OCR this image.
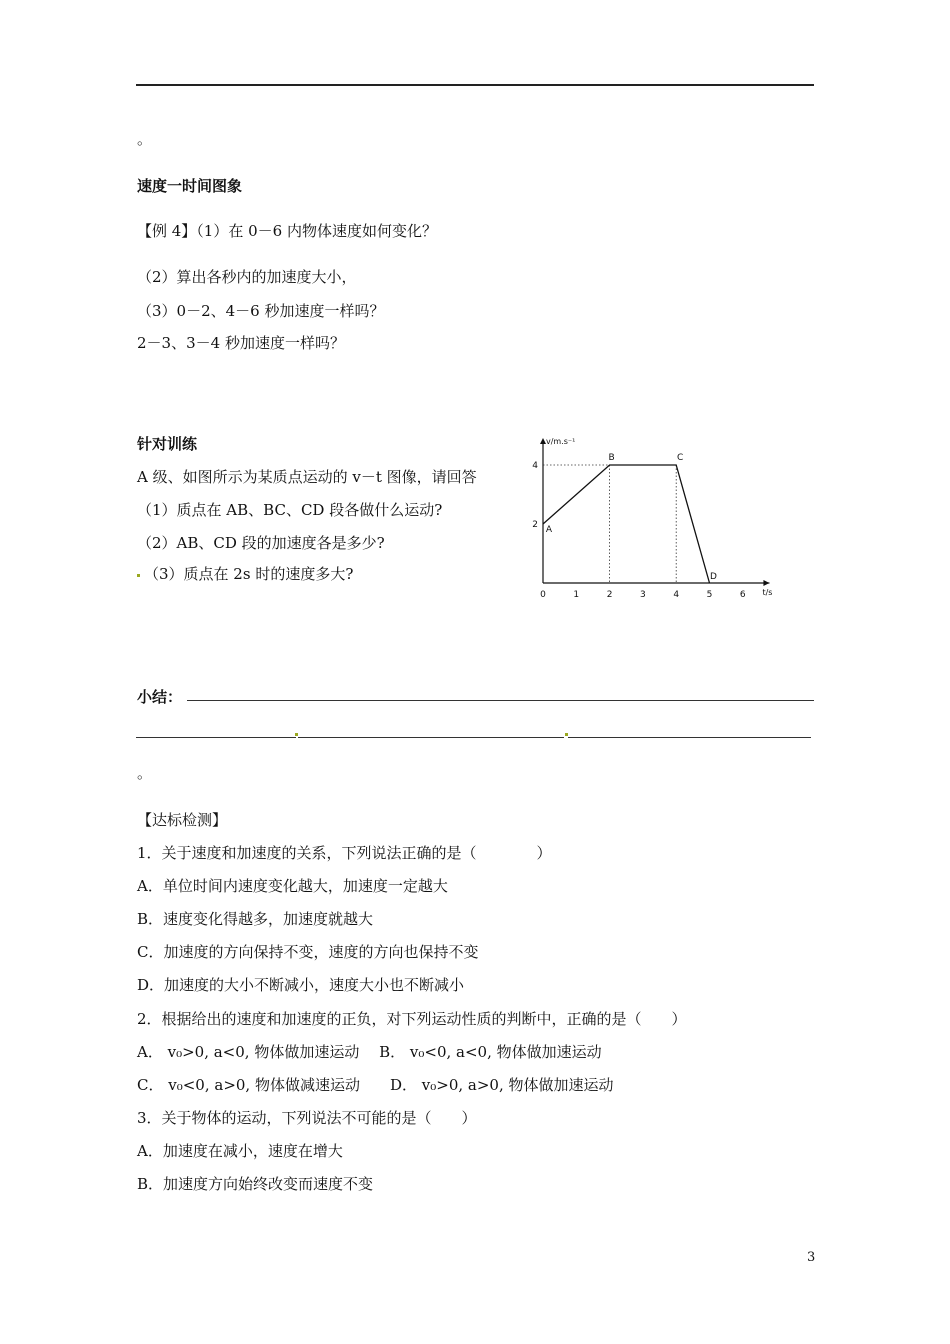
。
速度一时间图象
【例 4】（1）在 0－6 内物体速度如何变化？
（2）算出各秒内的加速度大小，
（3）0－2、4－6 秒加速度一样吗？
2－3、3－4 秒加速度一样吗？
针对训练
A 级、如图所示为某质点运动的 v－t 图像，请回答
（1）质点在 AB、BC、CD 段各做什么运动?
（2）AB、CD 段的加速度各是多少?
（3）质点在 2s 时的速度多大?
v/m.s⁻¹
t/s
0	1	2	3	4	5	6
2
4
A
B	C
D
小结：
。
【达标检测】
1．关于速度和加速度的关系，下列说法正确的是（　　　　）
A．单位时间内速度变化越大，加速度一定越大
B．速度变化得越多，加速度就越大
C．加速度的方向保持不变，速度的方向也保持不变
D．加速度的大小不断减小，速度大小也不断减小
2．根据给出的速度和加速度的正负，对下列运动性质的判断中，正确的是（　　）
A． v₀>0, a<0, 物体做加速运动　 B． v₀<0, a<0, 物体做加速运动
C． v₀<0, a>0, 物体做减速运动　　D． v₀>0, a>0, 物体做加速运动
3．关于物体的运动，下列说法不可能的是（　　）
A．加速度在减小，速度在增大
B．加速度方向始终改变而速度不变
3
